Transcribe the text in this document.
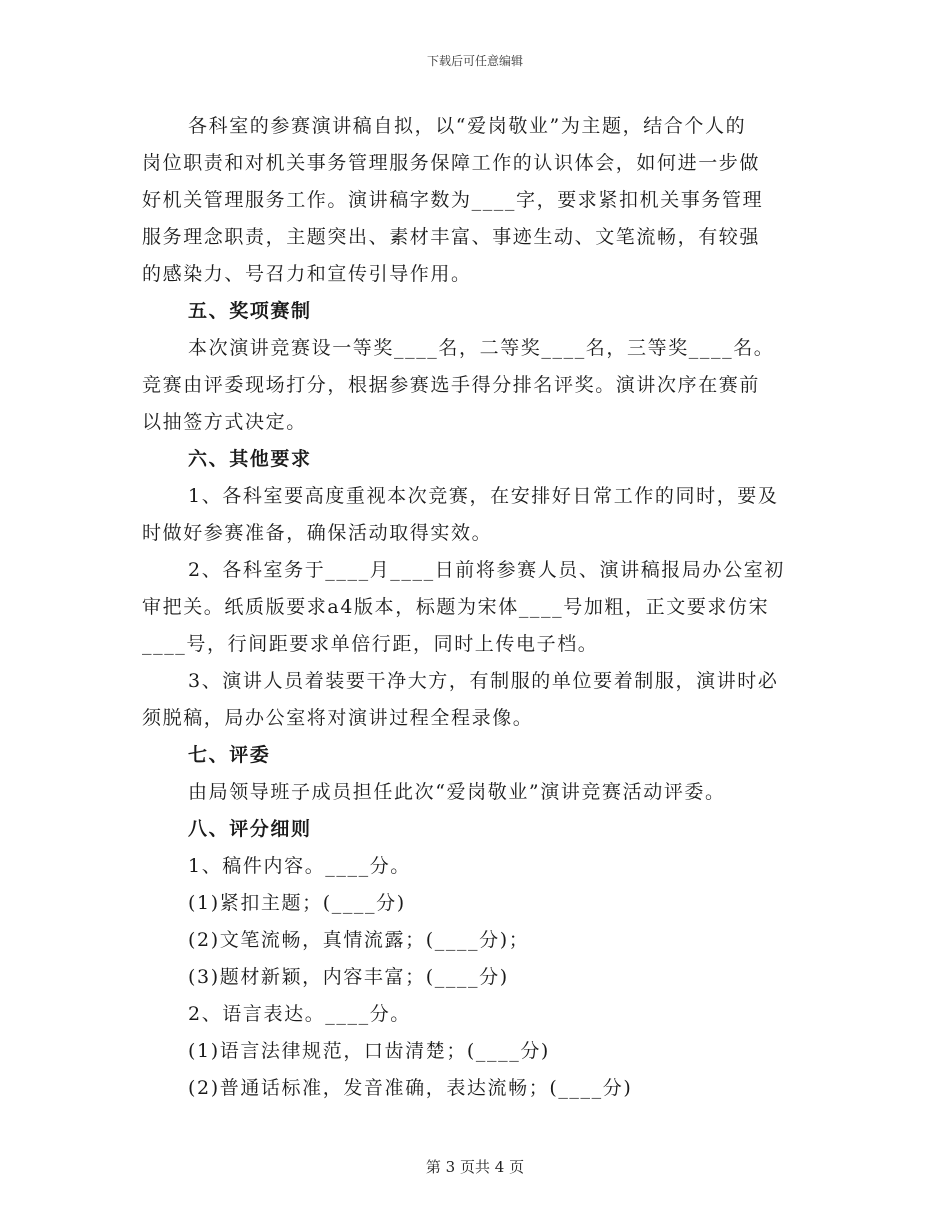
下载后可任意编辑
各科室的参赛演讲稿自拟，以“爱岗敬业”为主题，结合个人的
岗位职责和对机关事务管理服务保障工作的认识体会，如何进一步做
好机关管理服务工作。演讲稿字数为____字，要求紧扣机关事务管理
服务理念职责，主题突出、素材丰富、事迹生动、文笔流畅，有较强
的感染力、号召力和宣传引导作用。
五、奖项赛制
本次演讲竞赛设一等奖____名，二等奖____名，三等奖____名。
竞赛由评委现场打分，根据参赛选手得分排名评奖。演讲次序在赛前
以抽签方式决定。
六、其他要求
1、各科室要高度重视本次竞赛，在安排好日常工作的同时，要及
时做好参赛准备，确保活动取得实效。
2、各科室务于____月____日前将参赛人员、演讲稿报局办公室初
审把关。纸质版要求a4版本，标题为宋体____号加粗，正文要求仿宋
____号，行间距要求单倍行距，同时上传电子档。
3、演讲人员着装要干净大方，有制服的单位要着制服，演讲时必
须脱稿，局办公室将对演讲过程全程录像。
七、评委
由局领导班子成员担任此次“爱岗敬业”演讲竞赛活动评委。
八、评分细则
1、稿件内容。____分。
(1)紧扣主题；(____分)
(2)文笔流畅，真情流露；(____分)；
(3)题材新颖，内容丰富；(____分)
2、语言表达。____分。
(1)语言法律规范，口齿清楚；(____分)
(2)普通话标准，发音准确，表达流畅；(____分)
第 3 页共 4 页
